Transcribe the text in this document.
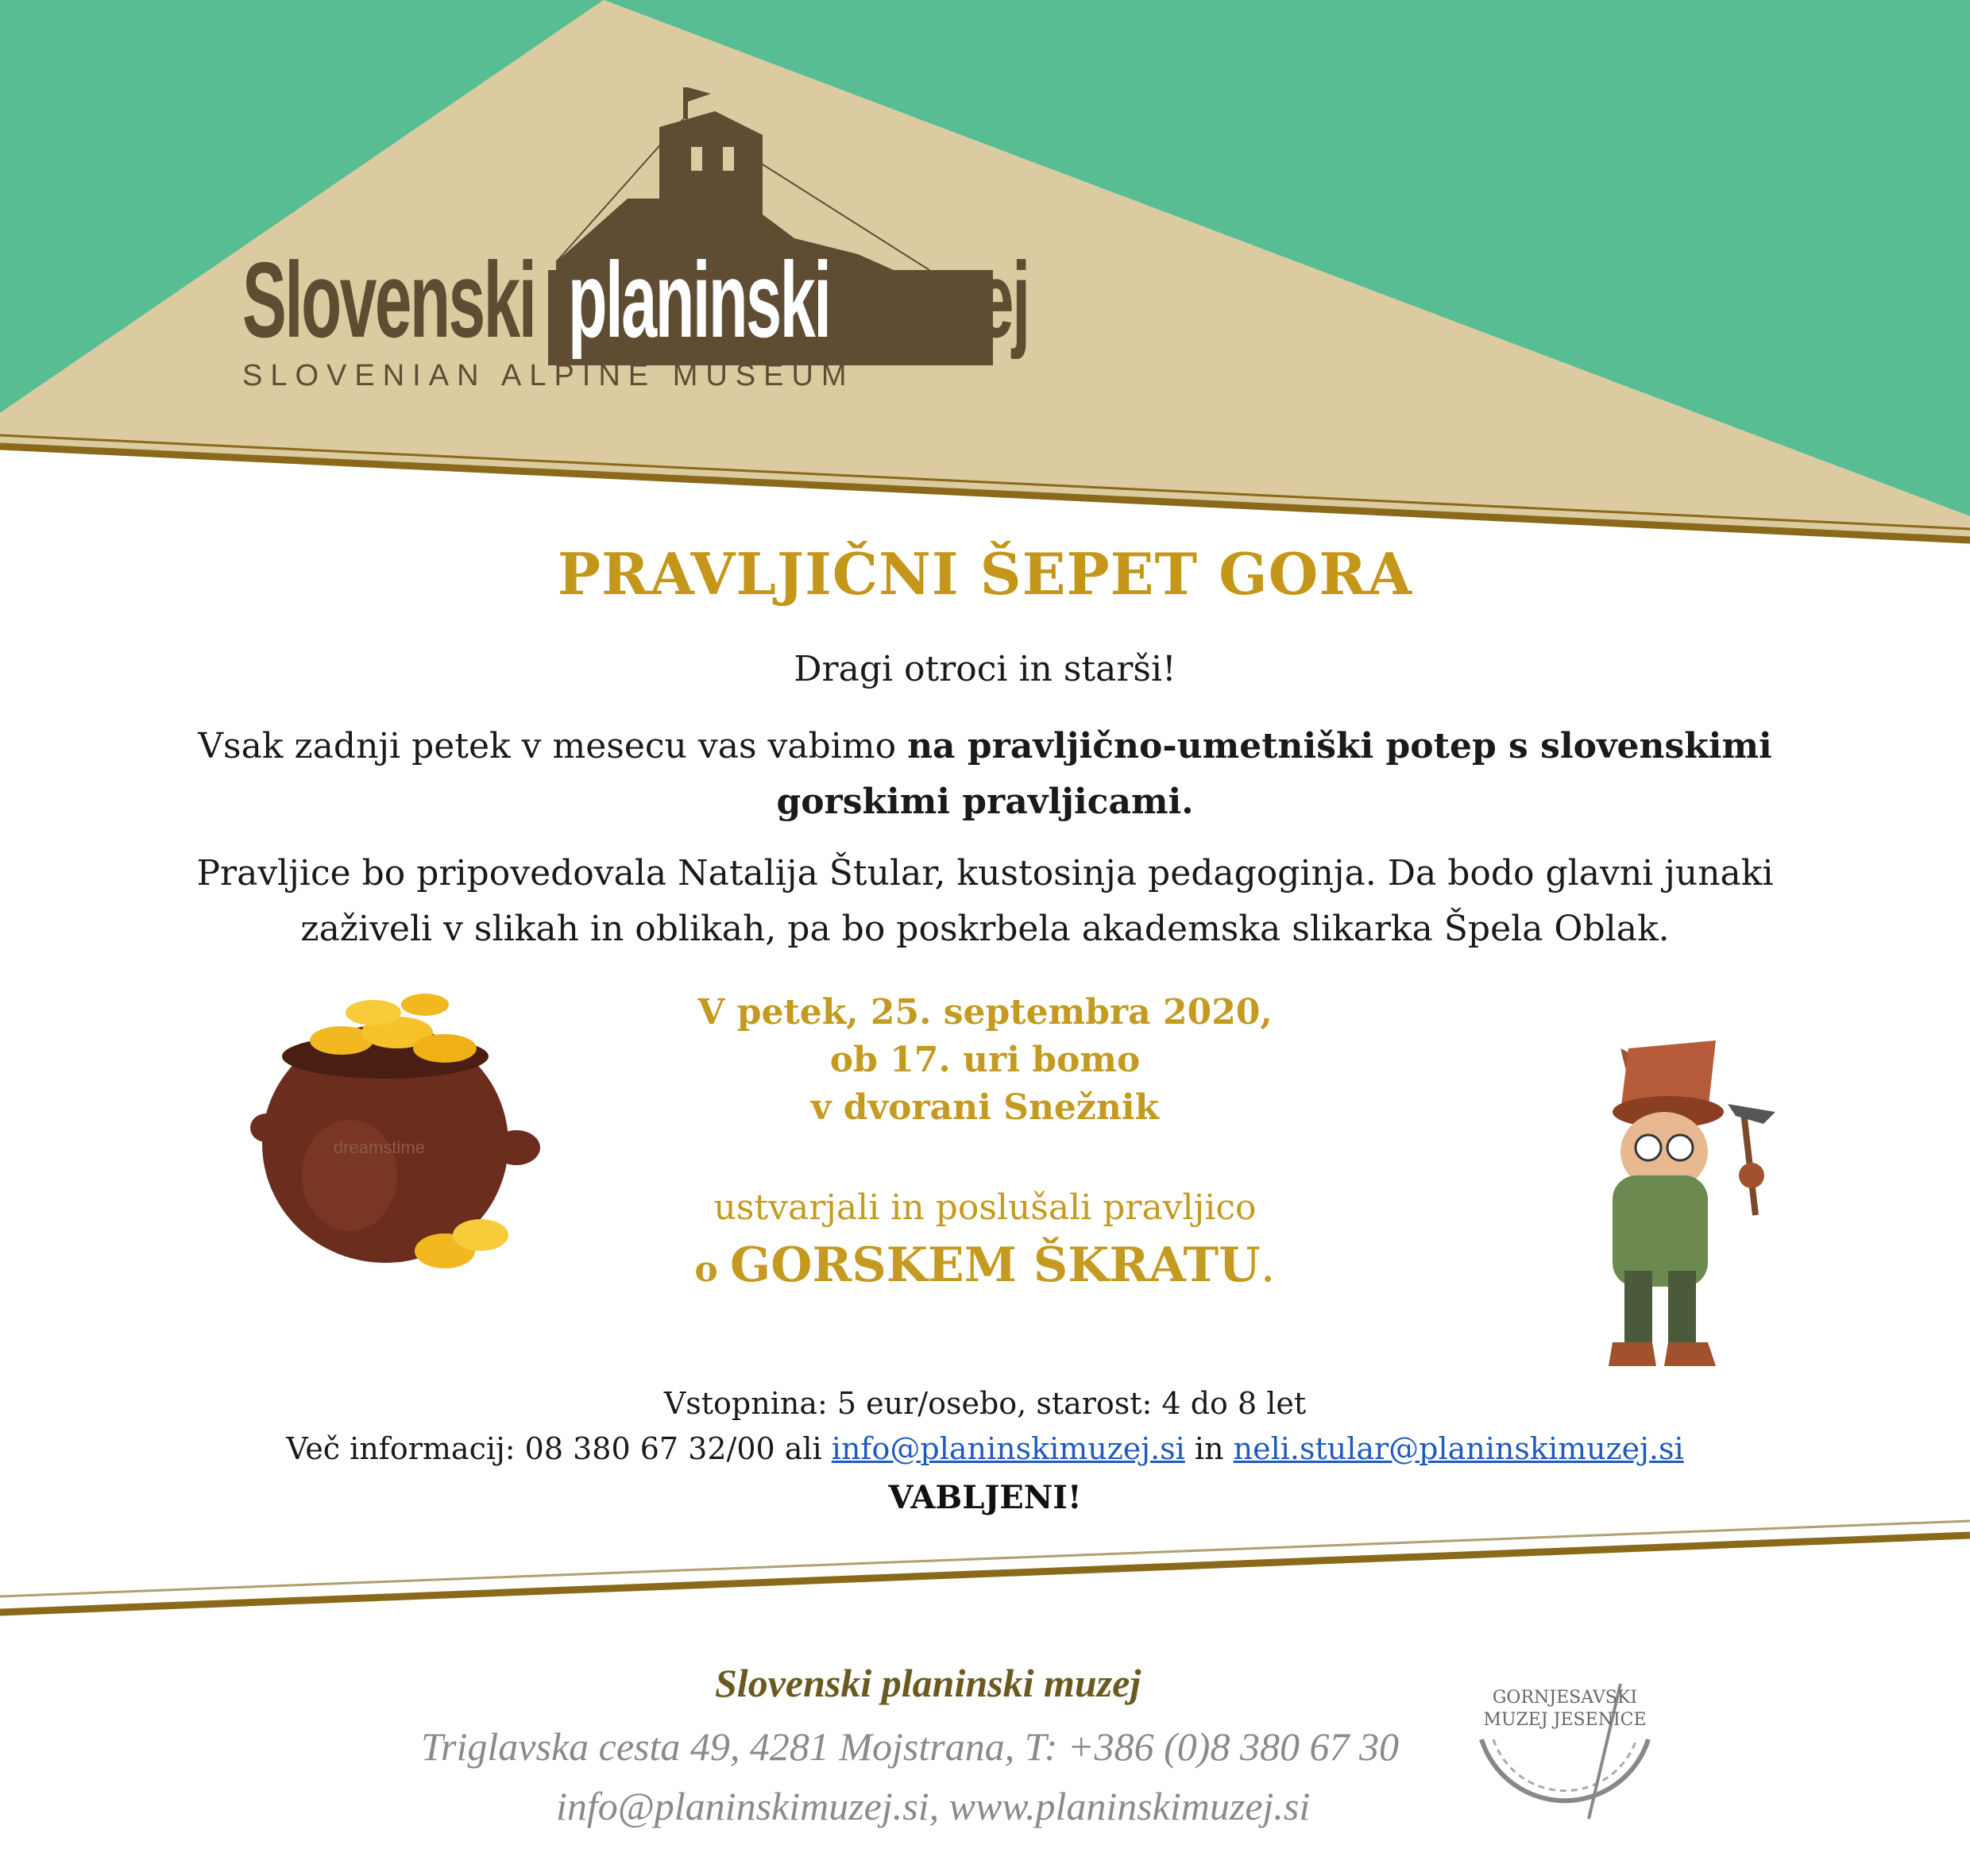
Slovenski planinski muzej
SLOVENIAN ALPINE MUSEUM
PRAVLJIČNI ŠEPET GORA
Dragi otroci in starši!
Vsak zadnji petek v mesecu vas vabimo na pravljično-umetniški potep s slovenskimi
gorskimi pravljicami.
Pravljice bo pripovedovala Natalija Štular, kustosinja pedagoginja. Da bodo glavni junaki
zaživeli v slikah in oblikah, pa bo poskrbela akademska slikarka Špela Oblak.
V petek, 25. septembra 2020,
ob 17. uri bomo
v dvorani Snežnik
ustvarjali in poslušali pravljico
o GORSKEM ŠKRATU.
dreamstime
Vstopnina: 5 eur/osebo, starost: 4 do 8 let
Več informacij: 08 380 67 32/00 ali info@planinskimuzej.si in neli.stular@planinskimuzej.si
VABLJENI!
Slovenski planinski muzej
Triglavska cesta 49, 4281 Mojstrana, T: +386 (0)8 380 67 30
info@planinskimuzej.si, www.planinskimuzej.si
GORNJESAVSKI
MUZEJ JESENICE
